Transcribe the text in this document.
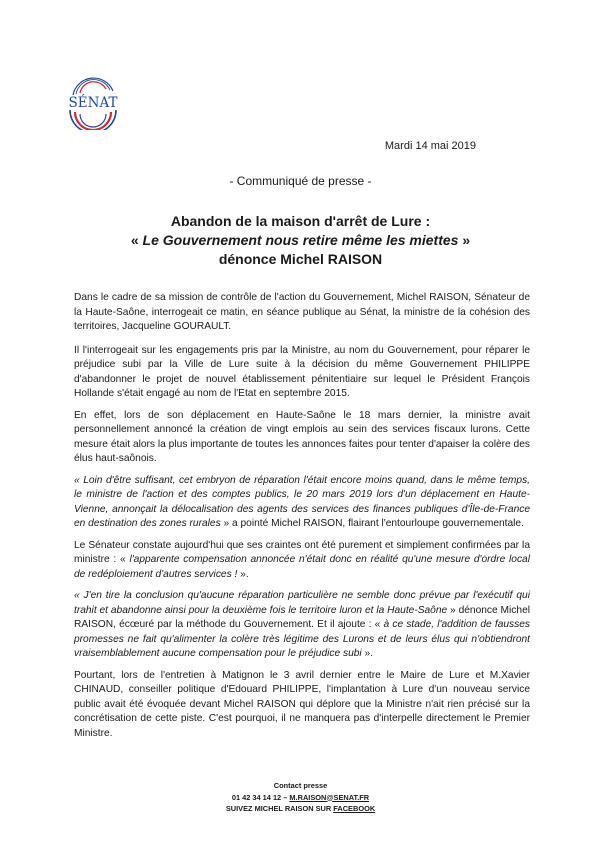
SÉNAT
Mardi 14 mai 2019
- Communiqué de presse -
Abandon de la maison d'arrêt de Lure :
« Le Gouvernement nous retire même les miettes »
dénonce Michel RAISON

Dans le cadre de sa mission de contrôle de l'action du Gouvernement, Michel RAISON, Sénateur de la Haute-Saône, interrogeait ce matin, en séance publique au Sénat, la ministre de la cohésion des territoires, Jacqueline GOURAULT.

Il l'interrogeait sur les engagements pris par la Ministre, au nom du Gouvernement, pour réparer le préjudice subi par la Ville de Lure suite à la décision du même Gouvernement PHILIPPE d'abandonner le projet de nouvel établissement pénitentiaire sur lequel le Président François Hollande s'était engagé au nom de l'Etat en septembre 2015.

En effet, lors de son déplacement en Haute-Saône le 18 mars dernier, la ministre avait personnellement annoncé la création de vingt emplois au sein des services fiscaux lurons. Cette mesure était alors la plus importante de toutes les annonces faites pour tenter d'apaiser la colère des élus haut-saônois.

« Loin d'être suffisant, cet embryon de réparation l'était encore moins quand, dans le même temps, le ministre de l'action et des comptes publics, le 20 mars 2019 lors d'un déplacement en Haute-Vienne, annonçait la délocalisation des agents des services des finances publiques d'Île-de-France en destination des zones rurales » a pointé Michel RAISON, flairant l'entourloupe gouvernementale.

Le Sénateur constate aujourd'hui que ses craintes ont été purement et simplement confirmées par la ministre : « l'apparente compensation annoncée n'était donc en réalité qu'une mesure d'ordre local de redéploiement d'autres services ! ».

« J'en tire la conclusion qu'aucune réparation particulière ne semble donc prévue par l'exécutif qui trahit et abandonne ainsi pour la deuxième fois le territoire luron et la Haute-Saône » dénonce Michel RAISON, écœuré par la méthode du Gouvernement. Et il ajoute : « à ce stade, l'addition de fausses promesses ne fait qu'alimenter la colère très légitime des Lurons et de leurs élus qui n'obtiendront vraisemblablement aucune compensation pour le préjudice subi ».

Pourtant, lors de l'entretien à Matignon le 3 avril dernier entre le Maire de Lure et M.Xavier CHINAUD, conseiller politique d'Edouard PHILIPPE, l'implantation à Lure d'un nouveau service public avait été évoquée devant Michel RAISON qui déplore que la Ministre n'ait rien précisé sur la concrétisation de cette piste. C'est pourquoi, il ne manquera pas d'interpelle directement le Premier Ministre.

Contact presse
01 42 34 14 12 – M.RAISON@SENAT.FR
SUIVEZ MICHEL RAISON SUR FACEBOOK
